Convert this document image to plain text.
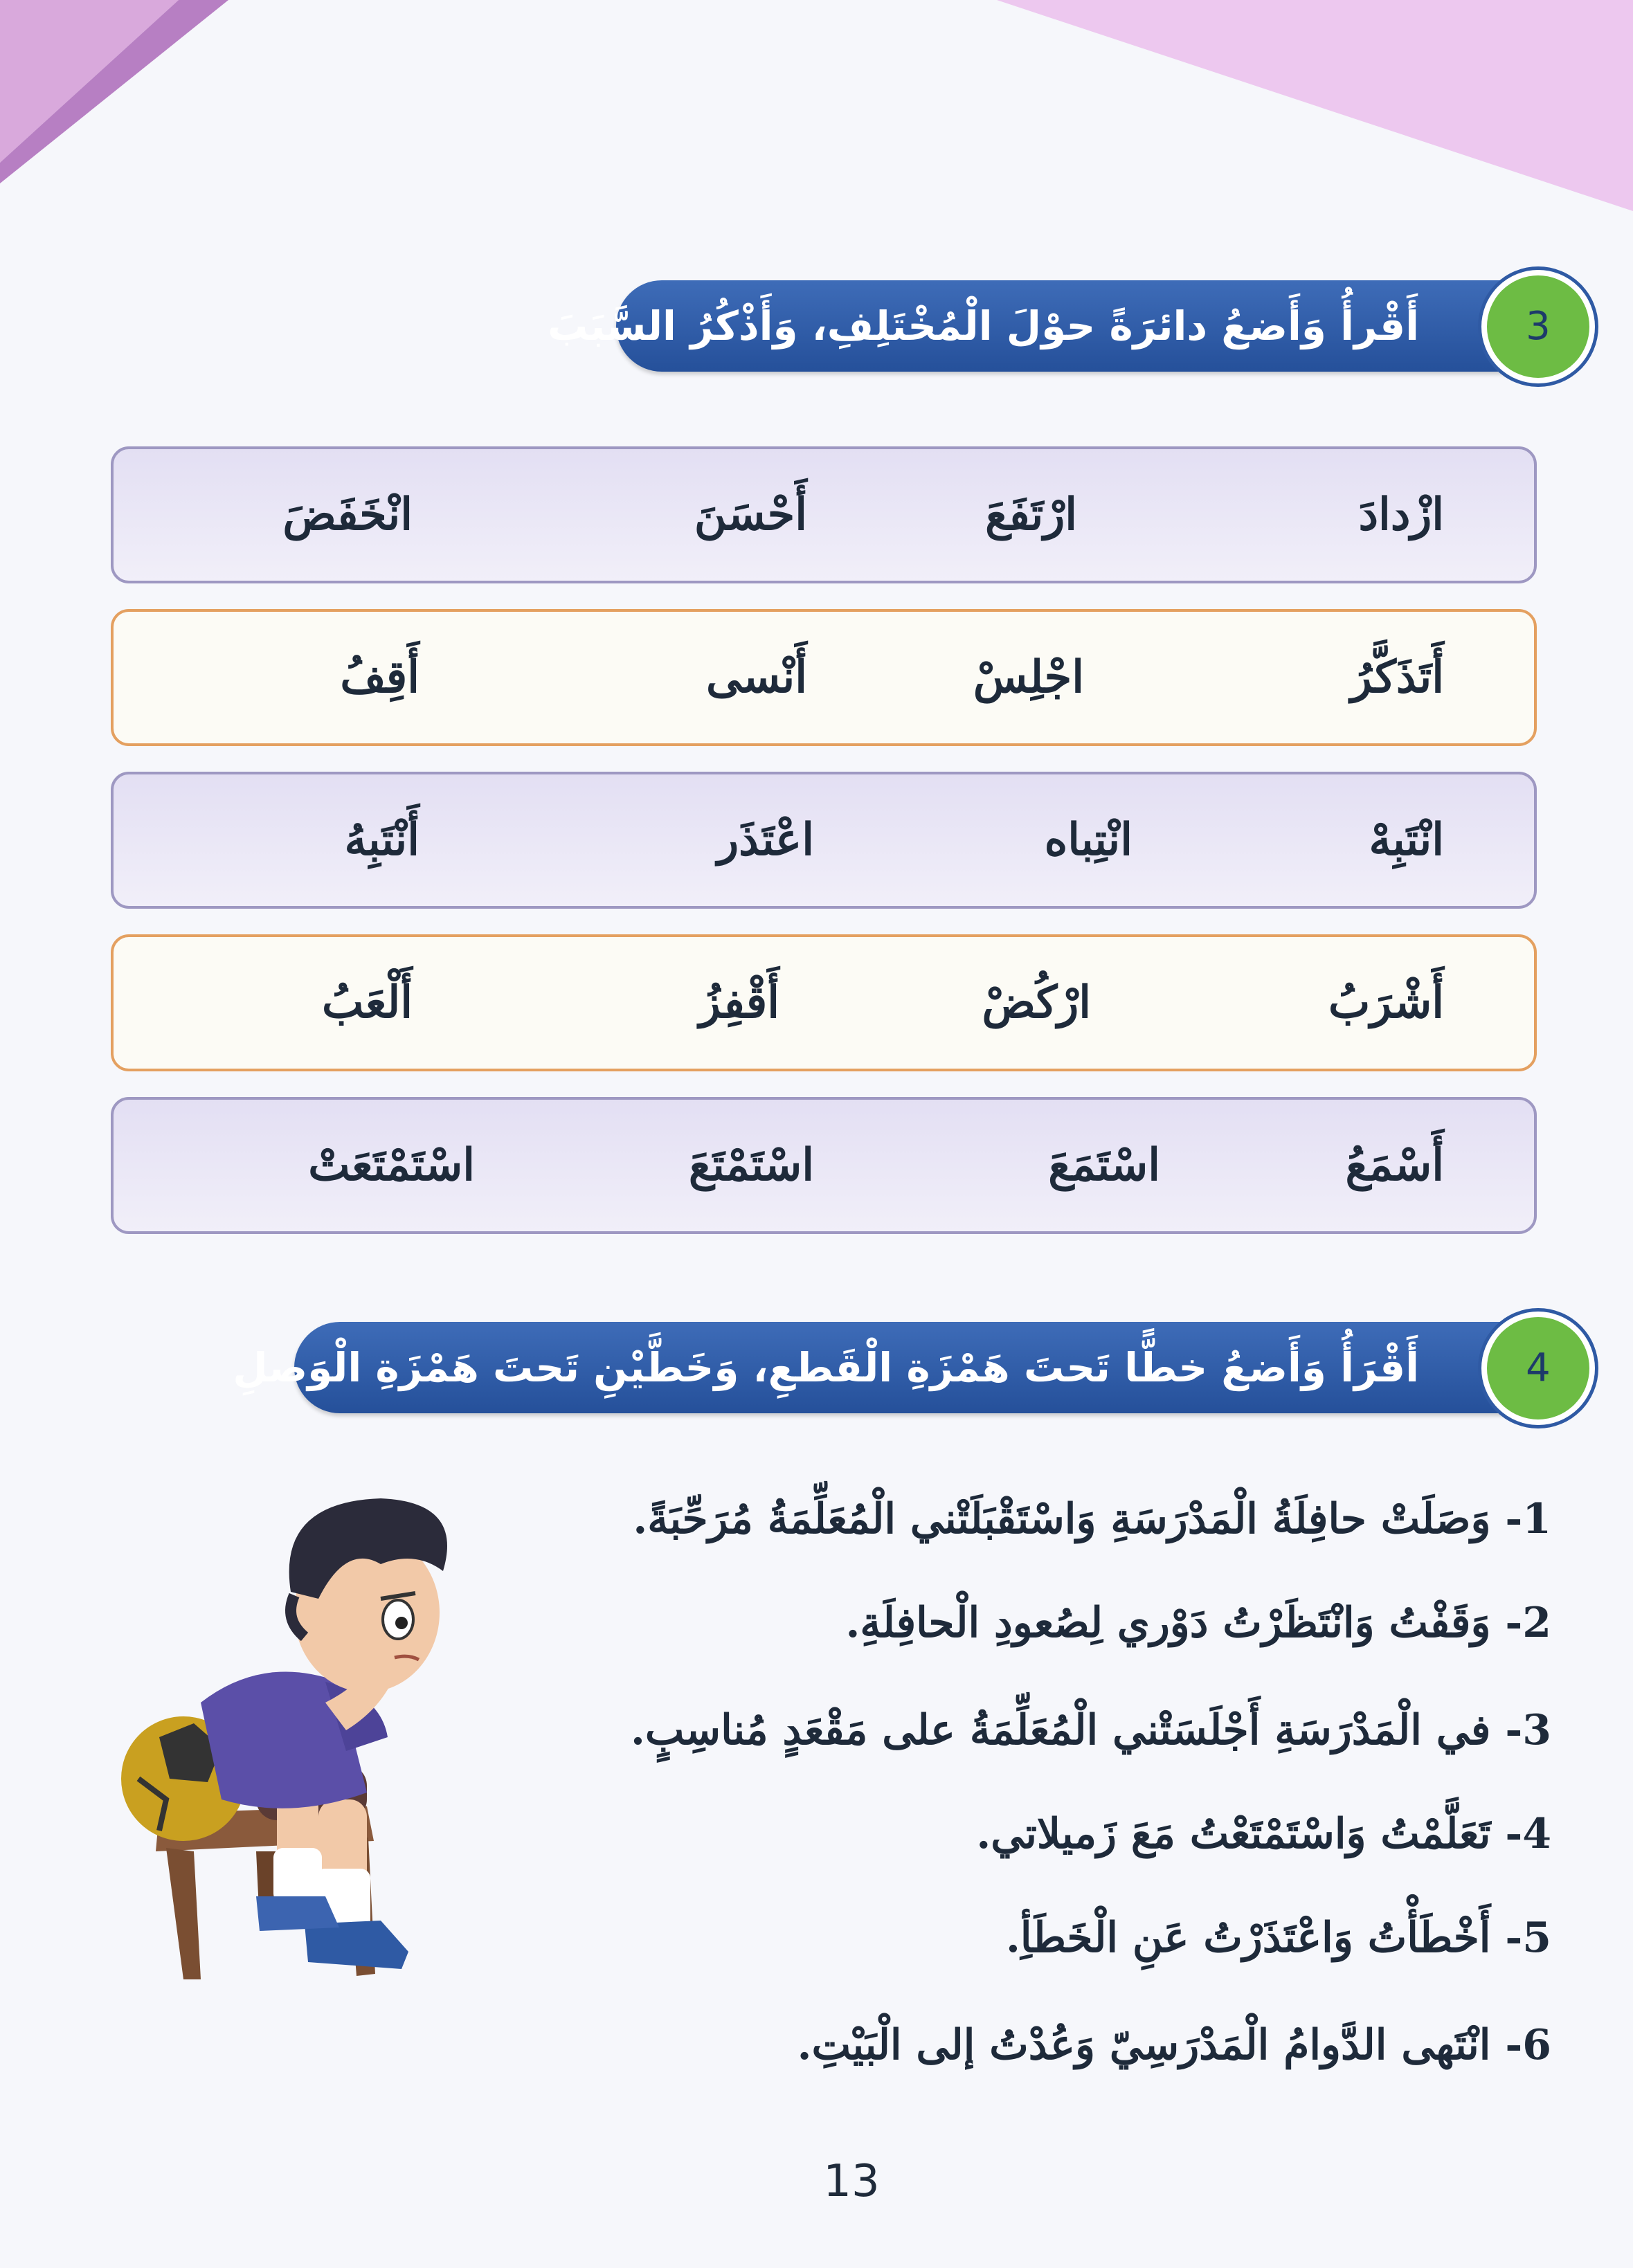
أَقْرأُ وَأَضعُ دائرَةً حوْلَ الْمُخْتَلِفِ، وَأَذْكُرُ السَّبَبَ	3
ازْدادَ
ارْتَفَعَ
أَحْسَنَ
انْخَفَضَ
أَتَذَكَّرُ
اجْلِسْ
أَنْسى
أَقِفُ
انْتَبِهْ
انْتِباه
اعْتَذَر
أَنْتَبِهُ
أَشْرَبُ
ارْكُضْ
أَقْفِزُ
أَلْعَبُ
أَسْمَعُ
اسْتَمَعَ
اسْتَمْتَعَ
اسْتَمْتَعَتْ
أَقْرَأُ وَأَضعُ خطًّا تَحتَ هَمْزَةِ الْقَطعِ، وَخَطَّيْنِ تَحتَ هَمْزَةِ الْوَصلِ	4
1- وَصَلَتْ حافِلَةُ الْمَدْرَسَةِ وَاسْتَقْبَلَتْني الْمُعَلِّمَةُ مُرَحِّبَةً.
2- وَقَفْتُ وَانْتَظَرْتُ دَوْري لِصُعودِ الْحافِلَةِ.
3- في الْمَدْرَسَةِ أَجْلَسَتْني الْمُعَلِّمَةُ على مَقْعَدٍ مُناسِبٍ.
4- تَعَلَّمْتُ وَاسْتَمْتَعْتُ مَعَ زَميلاتي.
5- أَخْطَأْتُ وَاعْتَذَرْتُ عَنِ الْخَطَأِ.
6- انْتَهى الدَّوامُ الْمَدْرَسِيّ وَعُدْتُ إلى الْبَيْتِ.
13
